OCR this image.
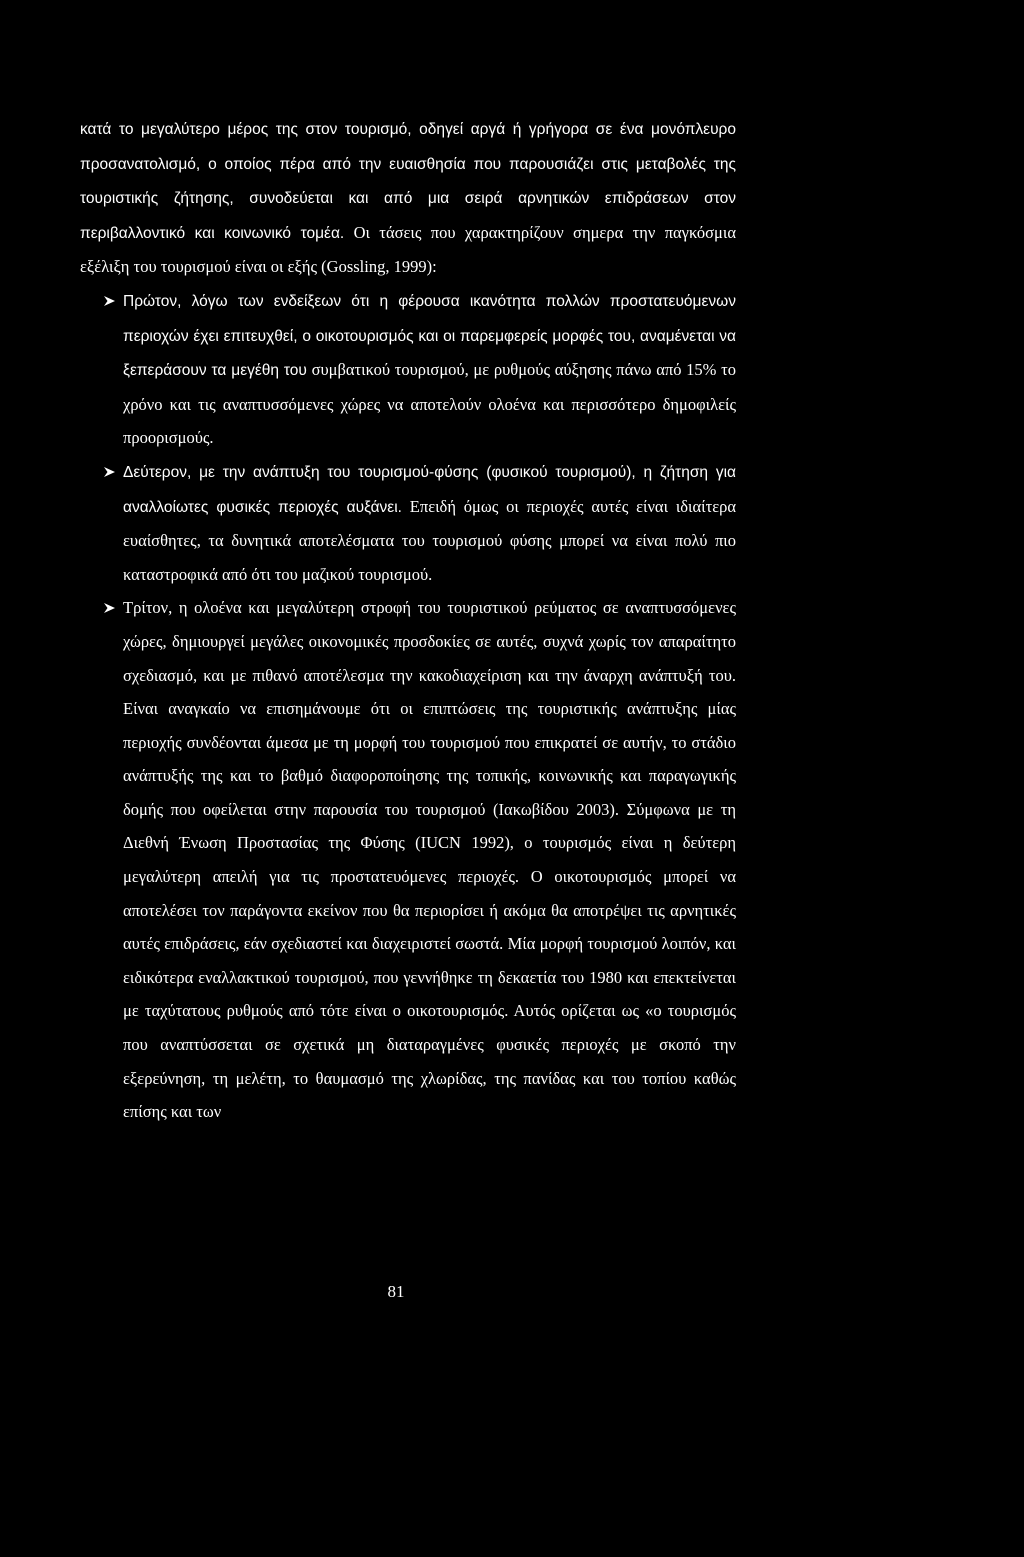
κατά το μεγαλύτερο μέρος της στον τουρισμό, οδηγεί αργά ή γρήγορα σε ένα μονόπλευρο προσανατολισμό, ο οποίος πέρα από την ευαισθησία που παρουσιάζει στις μεταβολές της τουριστικής ζήτησης, συνοδεύεται και από μια σειρά αρνητικών επιδράσεων στον περιβαλλοντικό και κοινωνικό τομέα. Οι τάσεις που χαρακτηρίζουν σημερα την παγκόσμια εξέλιξη του τουρισμού είναι οι εξής (Gossling, 1999):

Πρώτον, λόγω των ενδείξεων ότι η φέρουσα ικανότητα πολλών προστατευόμενων περιοχών έχει επιτευχθεί, ο οικοτουρισμός και οι παρεμφερείς μορφές του, αναμένεται να ξεπεράσουν τα μεγέθη του συμβατικού τουρισμού, με ρυθμούς αύξησης πάνω από 15% το χρόνο και τις αναπτυσσόμενες χώρες να αποτελούν ολοένα και περισσότερο δημοφιλείς προορισμούς.
Δεύτερον, με την ανάπτυξη του τουρισμού-φύσης (φυσικού τουρισμού), η ζήτηση για αναλλοίωτες φυσικές περιοχές αυξάνει. Επειδή όμως οι περιοχές αυτές είναι ιδιαίτερα ευαίσθητες, τα δυνητικά αποτελέσματα του τουρισμού φύσης μπορεί να είναι πολύ πιο καταστροφικά από ότι του μαζικού τουρισμού.
Τρίτον, η ολοένα και μεγαλύτερη στροφή του τουριστικού ρεύματος σε αναπτυσσόμενες χώρες, δημιουργεί μεγάλες οικονομικές προσδοκίες σε αυτές, συχνά χωρίς τον απαραίτητο σχεδιασμό, και με πιθανό αποτέλεσμα την κακοδιαχείριση και την άναρχη ανάπτυξή του. Είναι αναγκαίο να επισημάνουμε ότι οι επιπτώσεις της τουριστικής ανάπτυξης μίας περιοχής συνδέονται άμεσα με τη μορφή του τουρισμού που επικρατεί σε αυτήν, το στάδιο ανάπτυξής της και το βαθμό διαφοροποίησης της τοπικής, κοινωνικής και παραγωγικής δομής που οφείλεται στην παρουσία του τουρισμού (Ιακωβίδου 2003). Σύμφωνα με τη Διεθνή Ένωση Προστασίας της Φύσης (IUCN 1992), ο τουρισμός είναι η δεύτερη μεγαλύτερη απειλή για τις προστατευόμενες περιοχές. Ο οικοτουρισμός μπορεί να αποτελέσει τον παράγοντα εκείνον που θα περιορίσει ή ακόμα θα αποτρέψει τις αρνητικές αυτές επιδράσεις, εάν σχεδιαστεί και διαχειριστεί σωστά. Μία μορφή τουρισμού λοιπόν, και ειδικότερα εναλλακτικού τουρισμού, που γεννήθηκε τη δεκαετία του 1980 και επεκτείνεται με ταχύτατους ρυθμούς από τότε είναι ο οικοτουρισμός. Αυτός ορίζεται ως «ο τουρισμός που αναπτύσσεται σε σχετικά μη διαταραγμένες φυσικές περιοχές με σκοπό την εξερεύνηση, τη μελέτη, το θαυμασμό της χλωρίδας, της πανίδας και του τοπίου καθώς επίσης και των
81
